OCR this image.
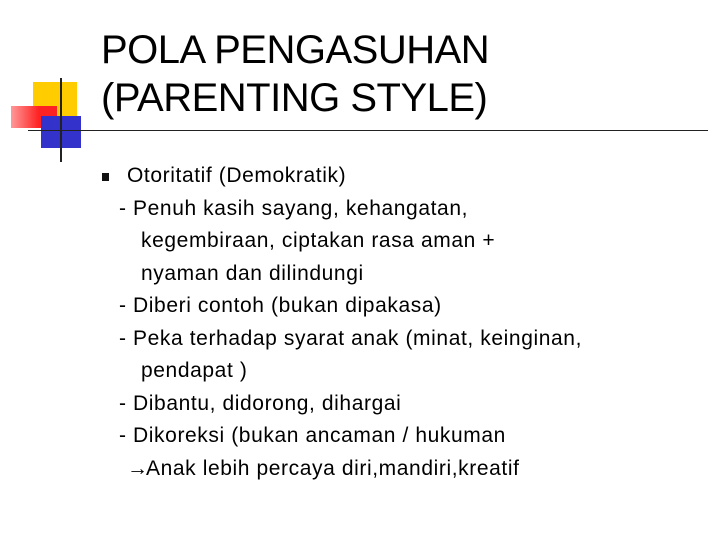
POLA PENGASUHAN
(PARENTING STYLE)
Otoritatif (Demokratik)
- Penuh kasih sayang, kehangatan,
kegembiraan, ciptakan rasa aman +
nyaman dan dilindungi
- Diberi contoh (bukan dipakasa)
- Peka terhadap syarat anak (minat, keinginan,
pendapat )
- Dibantu, didorong, dihargai
- Dikoreksi (bukan ancaman / hukuman
→Anak lebih percaya diri,mandiri,kreatif
